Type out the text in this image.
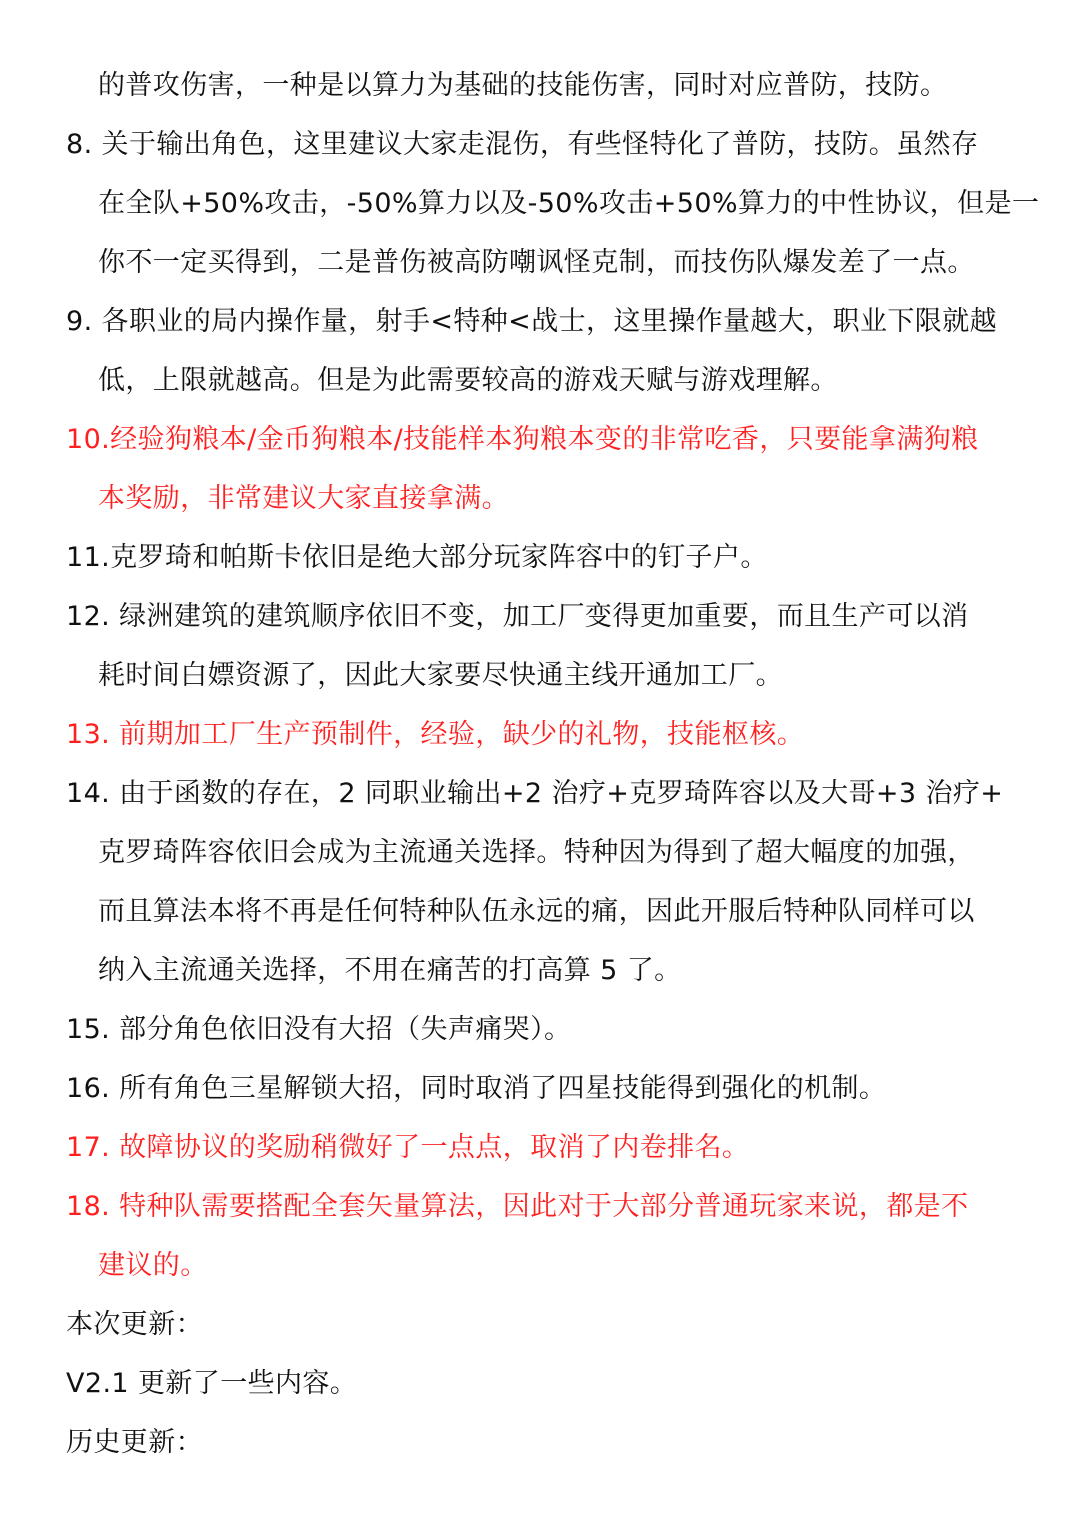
的普攻伤害，一种是以算力为基础的技能伤害，同时对应普防，技防。
8. 关于输出角色，这里建议大家走混伤，有些怪特化了普防，技防。虽然存
在全队+50%攻击，-50%算力以及-50%攻击+50%算力的中性协议，但是一
你不一定买得到，二是普伤被高防嘲讽怪克制，而技伤队爆发差了一点。
9. 各职业的局内操作量，射手<特种<战士，这里操作量越大，职业下限就越
低，上限就越高。但是为此需要较高的游戏天赋与游戏理解。
10.经验狗粮本/金币狗粮本/技能样本狗粮本变的非常吃香，只要能拿满狗粮
本奖励，非常建议大家直接拿满。
11.克罗琦和帕斯卡依旧是绝大部分玩家阵容中的钉子户。
12. 绿洲建筑的建筑顺序依旧不变，加工厂变得更加重要，而且生产可以消
耗时间白嫖资源了，因此大家要尽快通主线开通加工厂。
13. 前期加工厂生产预制件，经验，缺少的礼物，技能枢核。
14. 由于函数的存在，2 同职业输出+2 治疗+克罗琦阵容以及大哥+3 治疗+
克罗琦阵容依旧会成为主流通关选择。特种因为得到了超大幅度的加强，
而且算法本将不再是任何特种队伍永远的痛，因此开服后特种队同样可以
纳入主流通关选择，不用在痛苦的打高算 5 了。
15. 部分角色依旧没有大招（失声痛哭）。
16. 所有角色三星解锁大招，同时取消了四星技能得到强化的机制。
17. 故障协议的奖励稍微好了一点点，取消了内卷排名。
18. 特种队需要搭配全套矢量算法，因此对于大部分普通玩家来说，都是不
建议的。
本次更新：
V2.1 更新了一些内容。
历史更新：
